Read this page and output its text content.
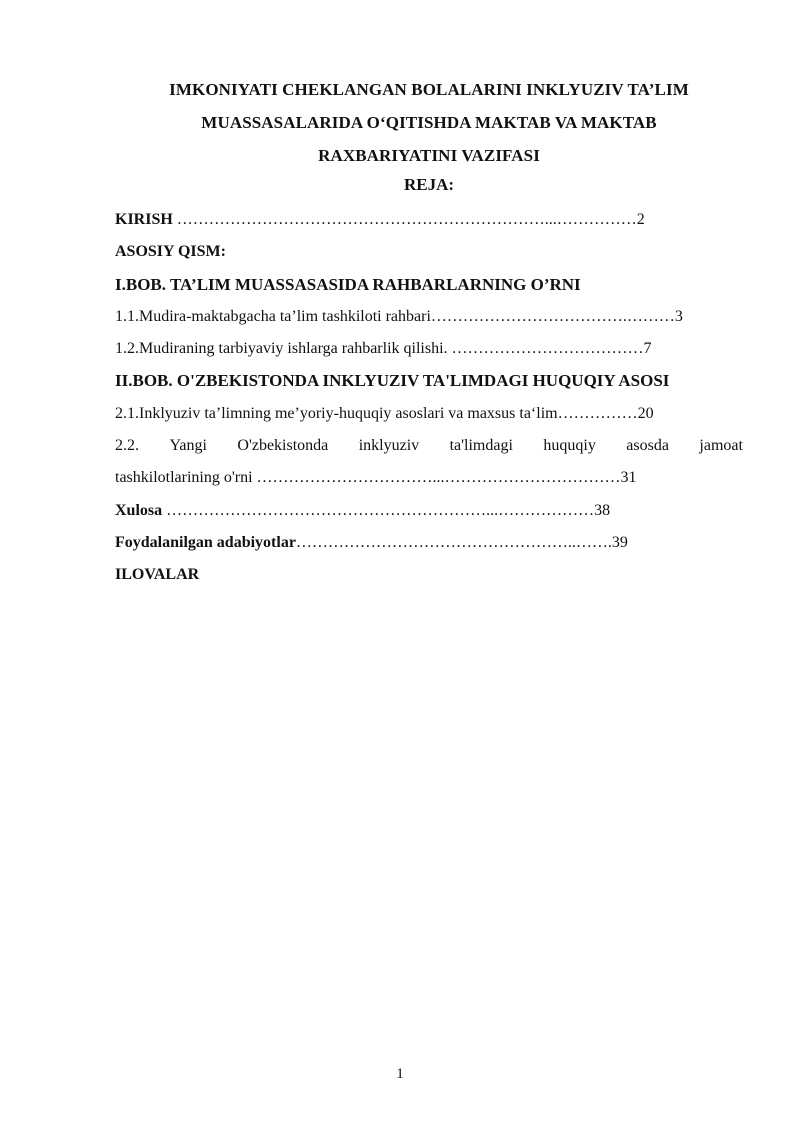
IMKONIYATI CHEKLANGAN BOLALARINI INKLYUZIV TA’LIM
MUASSASALARIDA O‘QITISHDA MAKTAB VA MAKTAB
RAXBARIYATINI VAZIFASI
REJA:
KIRISH ……………………………………………………………...……………2
ASOSIY QISM:
I.BOB. TA’LIM MUASSASASIDA RAHBARLARNING O’RNI
1.1.Mudira-maktabgacha ta’lim tashkiloti rahbari……………………………….………3
1.2.Mudiraning tarbiyaviy ishlarga rahbarlik qilishi. ………………………………7
II.BOB. O'ZBEKISTONDA INKLYUZIV TA'LIMDAGI HUQUQIY ASOSI
2.1.Inklyuziv ta’limning me’yoriy-huquqiy asoslari va maxsus ta‘lim……………20
2.2. Yangi O'zbekistonda inklyuziv ta'limdagi huquqiy asosda jamoat
tashkilotlarining o'rni ……………………………...……………………………31
Xulosa ……………………………………………………...………………38
Foydalanilgan adabiyotlar……………………………………………..…….39
ILOVALAR
1
